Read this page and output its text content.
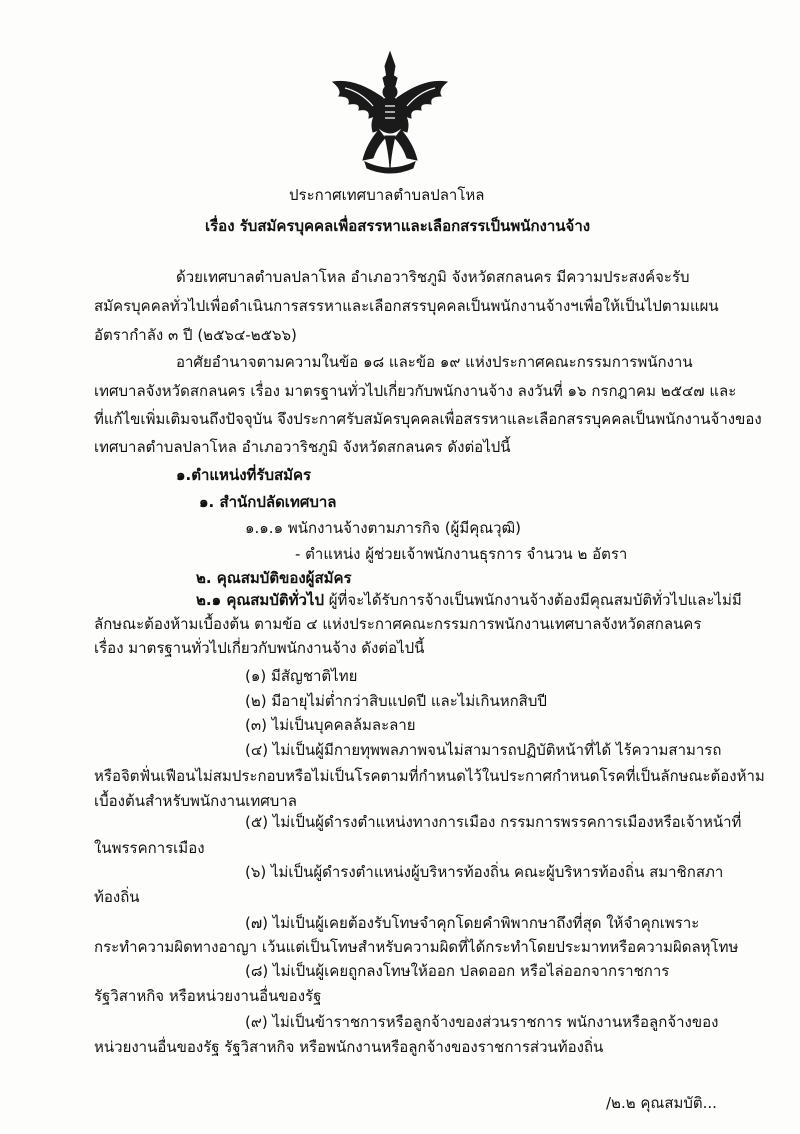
ประกาศเทศบาลตำบลปลาโหล
เรื่อง รับสมัครบุคคลเพื่อสรรหาและเลือกสรรเป็นพนักงานจ้าง
ด้วยเทศบาลตำบลปลาโหล อำเภอวาริชภูมิ จังหวัดสกลนคร มีความประสงค์จะรับ
สมัครบุคคลทั่วไปเพื่อดำเนินการสรรหาและเลือกสรรบุคคลเป็นพนักงานจ้างฯเพื่อให้เป็นไปตามแผน
อัตรากำลัง ๓ ปี (๒๕๖๔-๒๕๖๖)
อาศัยอำนาจตามความในข้อ ๑๘ และข้อ ๑๙ แห่งประกาศคณะกรรมการพนักงาน
เทศบาลจังหวัดสกลนคร เรื่อง มาตรฐานทั่วไปเกี่ยวกับพนักงานจ้าง ลงวันที่ ๑๖ กรกฎาคม ๒๕๔๗ และ
ที่แก้ไขเพิ่มเติมจนถึงปัจจุบัน จึงประกาศรับสมัครบุคคลเพื่อสรรหาและเลือกสรรบุคคลเป็นพนักงานจ้างของ
เทศบาลตำบลปลาโหล อำเภอวาริชภูมิ จังหวัดสกลนคร ดังต่อไปนี้
๑.ตำแหน่งที่รับสมัคร
๑. สำนักปลัดเทศบาล
๑.๑.๑ พนักงานจ้างตามภารกิจ (ผู้มีคุณวุฒิ)
- ตำแหน่ง ผู้ช่วยเจ้าพนักงานธุรการ จำนวน ๒ อัตรา
๒. คุณสมบัติของผู้สมัคร
๒.๑ คุณสมบัติทั่วไป ผู้ที่จะได้รับการจ้างเป็นพนักงานจ้างต้องมีคุณสมบัติทั่วไปและไม่มี
ลักษณะต้องห้ามเบื้องต้น ตามข้อ ๔ แห่งประกาศคณะกรรมการพนักงานเทศบาลจังหวัดสกลนคร
เรื่อง มาตรฐานทั่วไปเกี่ยวกับพนักงานจ้าง ดังต่อไปนี้
(๑) มีสัญชาติไทย
(๒) มีอายุไม่ต่ำกว่าสิบแปดปี และไม่เกินหกสิบปี
(๓) ไม่เป็นบุคคลล้มละลาย
(๔) ไม่เป็นผู้มีกายทุพพลภาพจนไม่สามารถปฏิบัติหน้าที่ได้ ไร้ความสามารถ
หรือจิตฟั่นเฟือนไม่สมประกอบหรือไม่เป็นโรคตามที่กำหนดไว้ในประกาศกำหนดโรคที่เป็นลักษณะต้องห้าม
เบื้องต้นสำหรับพนักงานเทศบาล
(๕) ไม่เป็นผู้ดำรงตำแหน่งทางการเมือง กรรมการพรรคการเมืองหรือเจ้าหน้าที่
ในพรรคการเมือง
(๖) ไม่เป็นผู้ดำรงตำแหน่งผู้บริหารท้องถิ่น คณะผู้บริหารท้องถิ่น สมาชิกสภา
ท้องถิ่น
(๗) ไม่เป็นผู้เคยต้องรับโทษจำคุกโดยคำพิพากษาถึงที่สุด ให้จำคุกเพราะ
กระทำความผิดทางอาญา เว้นแต่เป็นโทษสำหรับความผิดที่ได้กระทำโดยประมาทหรือความผิดลหุโทษ
(๘) ไม่เป็นผู้เคยถูกลงโทษให้ออก ปลดออก หรือไล่ออกจากราชการ
รัฐวิสาหกิจ หรือหน่วยงานอื่นของรัฐ
(๙) ไม่เป็นข้าราชการหรือลูกจ้างของส่วนราชการ พนักงานหรือลูกจ้างของ
หน่วยงานอื่นของรัฐ รัฐวิสาหกิจ หรือพนักงานหรือลูกจ้างของราชการส่วนท้องถิ่น
/๒.๒ คุณสมบัติ...
